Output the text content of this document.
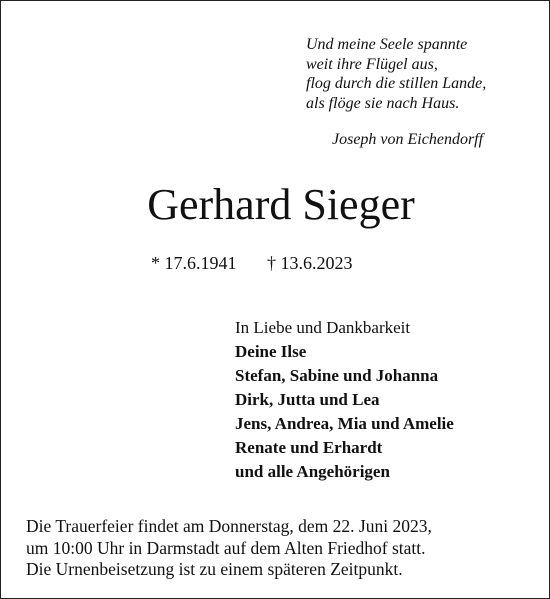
Und meine Seele spannte
weit ihre Flügel aus,
flog durch die stillen Lande,
als flöge sie nach Haus.
Joseph von Eichendorff
Gerhard Sieger
* 17.6.1941 † 13.6.2023
In Liebe und Dankbarkeit
Deine Ilse
Stefan, Sabine und Johanna
Dirk, Jutta und Lea
Jens, Andrea, Mia und Amelie
Renate und Erhardt
und alle Angehörigen
Die Trauerfeier findet am Donnerstag, dem 22. Juni 2023,
um 10:00 Uhr in Darmstadt auf dem Alten Friedhof statt.
Die Urnenbeisetzung ist zu einem späteren Zeitpunkt.
